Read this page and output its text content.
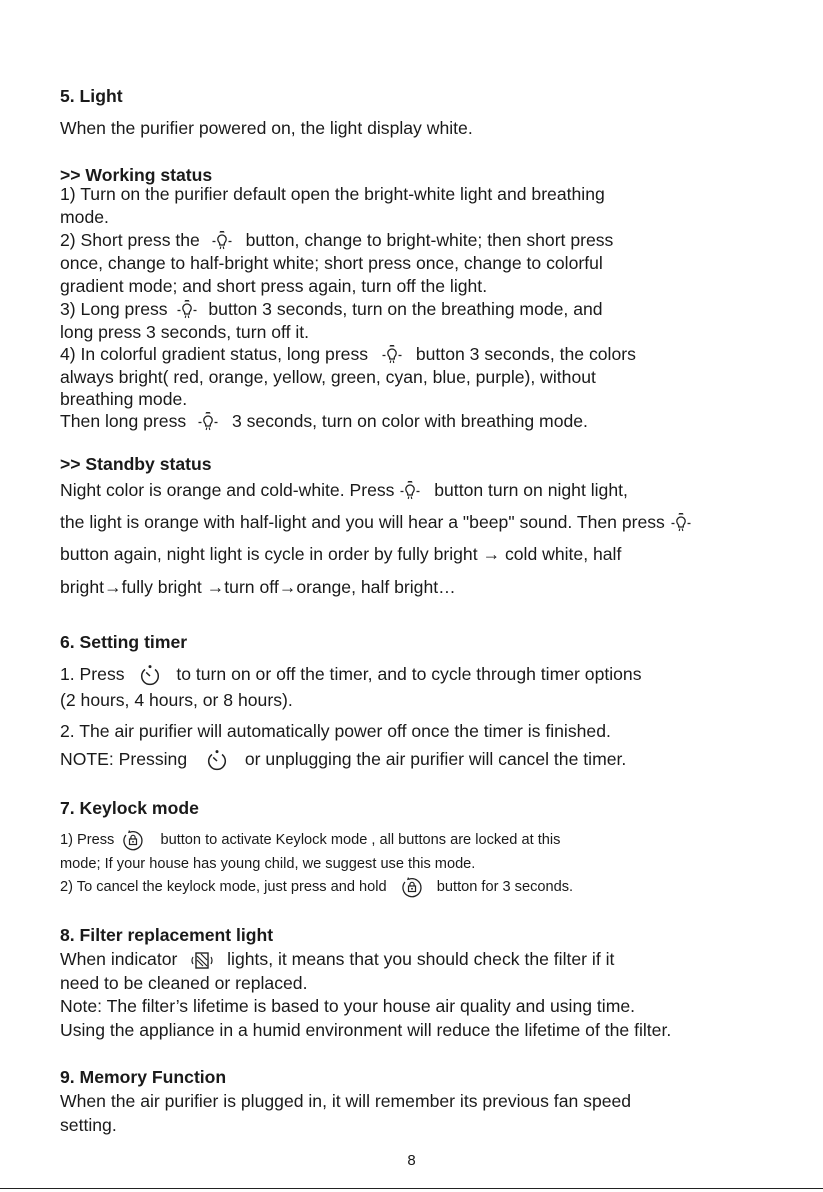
5. Light
When the purifier powered on, the light display white.
>> Working status
1) Turn on the purifier default open the bright-white light and breathing
mode.
2) Short press the	button, change to bright-white; then short press
once, change to half-bright white; short press once, change to colorful
gradient mode; and short press again, turn off the light.
3) Long press button 3 seconds, turn on the breathing mode, and
long press 3 seconds, turn off it.
4) In colorful gradient status, long press	button 3 seconds, the colors
always bright( red, orange, yellow, green, cyan, blue, purple), without
breathing mode.
Then long press	3 seconds, turn on color with breathing mode.
>> Standby status
Night color is orange and cold-white. Press button turn on night light,
the light is orange with half-light and you will hear a "beep" sound. Then press
button again, night light is cycle in order by fully bright → cold white, half
bright→fully bright →turn off→orange, half bright…
6. Setting timer
1. Press	to turn on or off the timer, and to cycle through timer options
(2 hours, 4 hours, or 8 hours).
2. The air purifier will automatically power off once the timer is finished.
NOTE: Pressing	or unplugging the air purifier will cancel the timer.
7. Keylock mode
1) Press	button to activate Keylock mode , all buttons are locked at this
mode; If your house has young child, we suggest use this mode.
2) To cancel the keylock mode, just press and hold	button for 3 seconds.
8. Filter replacement light
When indicator	lights, it means that you should check the filter if it
need to be cleaned or replaced.
Note: The filter’s lifetime is based to your house air quality and using time.
Using the appliance in a humid environment will reduce the lifetime of the filter.
9. Memory Function
When the air purifier is plugged in, it will remember its previous fan speed
setting.
8
